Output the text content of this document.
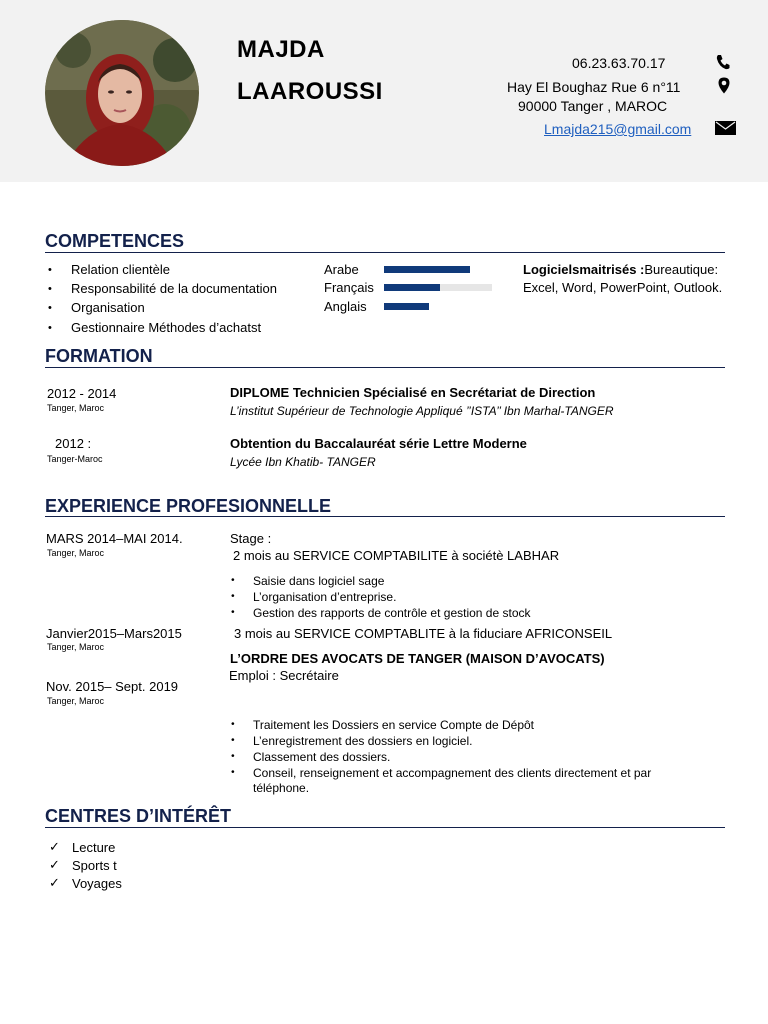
MAJDA
LAAROUSSI
06.23.63.70.17
Hay El Boughaz Rue 6 n°11
90000 Tanger , MAROC
Lmajda215@gmail.com
COMPETENCES
• Relation clientèle
• Responsabilité de la documentation
• Organisation
• Gestionnaire Méthodes d’achatst
Arabe
Français
Anglais
Logicielsmaitrisés :Bureautique:
Excel, Word, PowerPoint, Outlook.
FORMATION
2012 - 2014
Tanger, Maroc
DIPLOME Technicien Spécialisé en Secrétariat de Direction
L’institut Supérieur de Technologie Appliqué ’’ISTA’’ Ibn Marhal-TANGER
2012 :
Tanger-Maroc
Obtention du Baccalauréat série Lettre Moderne
Lycée Ibn Khatib- TANGER
EXPERIENCE PROFESIONNELLE
MARS 2014–MAI 2014.
Tanger, Maroc
Stage :
2 mois au SERVICE COMPTABILITE à sociétè LABHAR
• Saisie dans logiciel sage
• L’organisation d’entreprise.
• Gestion des rapports de contrôle et gestion de stock
Janvier2015–Mars2015
Tanger, Maroc
3 mois au SERVICE COMPTABLITE à la fiduciare AFRICONSEIL
L’ORDRE DES AVOCATS DE TANGER (MAISON D’AVOCATS)
Emploi : Secrétaire
Nov. 2015– Sept. 2019
Tanger, Maroc
• Traitement les Dossiers en service Compte de Dépôt
• L’enregistrement des dossiers en logiciel.
• Classement des dossiers.
• Conseil, renseignement et accompagnement des clients directement et par
téléphone.
CENTRES D’INTÉRÊT
✓ Lecture
✓ Sports t
✓ Voyages
